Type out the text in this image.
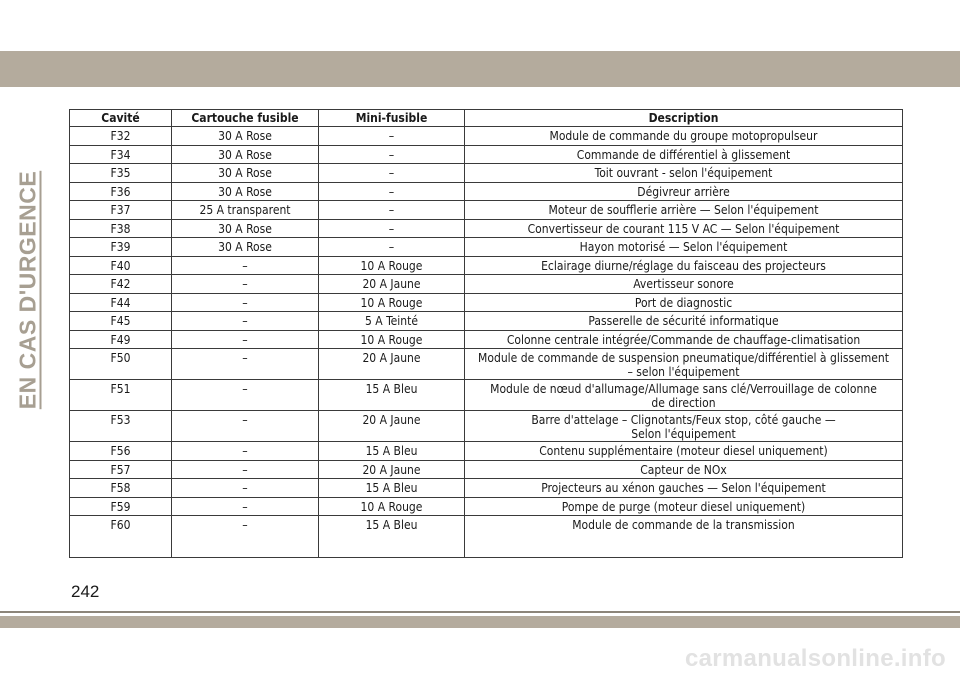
EN CAS D'URGENCE
Cavité	Cartouche fusible	Mini-fusible	Description
F32	30 A Rose	–	Module de commande du groupe motopropulseur

F34	30 A Rose	–	Commande de différentiel à glissement

F35	30 A Rose	–	Toit ouvrant - selon l'équipement

F36	30 A Rose	–	Dégivreur arrière

F37	25 A transparent	–	Moteur de soufflerie arrière — Selon l'équipement

F38	30 A Rose	–	Convertisseur de courant 115 V AC — Selon l'équipement

F39	30 A Rose	–	Hayon motorisé — Selon l'équipement

F40	–	10 A Rouge	Eclairage diurne/réglage du faisceau des projecteurs

F42	–	20 A Jaune	Avertisseur sonore

F44	–	10 A Rouge	Port de diagnostic

F45	–	5 A Teinté	Passerelle de sécurité informatique

F49	–	10 A Rouge	Colonne centrale intégrée/Commande de chauffage-climatisation

F50	–	20 A Jaune	Module de commande de suspension pneumatique/différentiel à glissement
– selon l'équipement

F51	–	15 A Bleu	Module de nœud d'allumage/Allumage sans clé/Verrouillage de colonne
de direction

F53	–	20 A Jaune	Barre d'attelage – Clignotants/Feux stop, côté gauche —
Selon l'équipement

F56	–	15 A Bleu	Contenu supplémentaire (moteur diesel uniquement)

F57	–	20 A Jaune	Capteur de NOx

F58	–	15 A Bleu	Projecteurs au xénon gauches — Selon l'équipement

F59	–	10 A Rouge	Pompe de purge (moteur diesel uniquement)

F60	–	15 A Bleu	Module de commande de la transmission
242
carmanualsonline.info
